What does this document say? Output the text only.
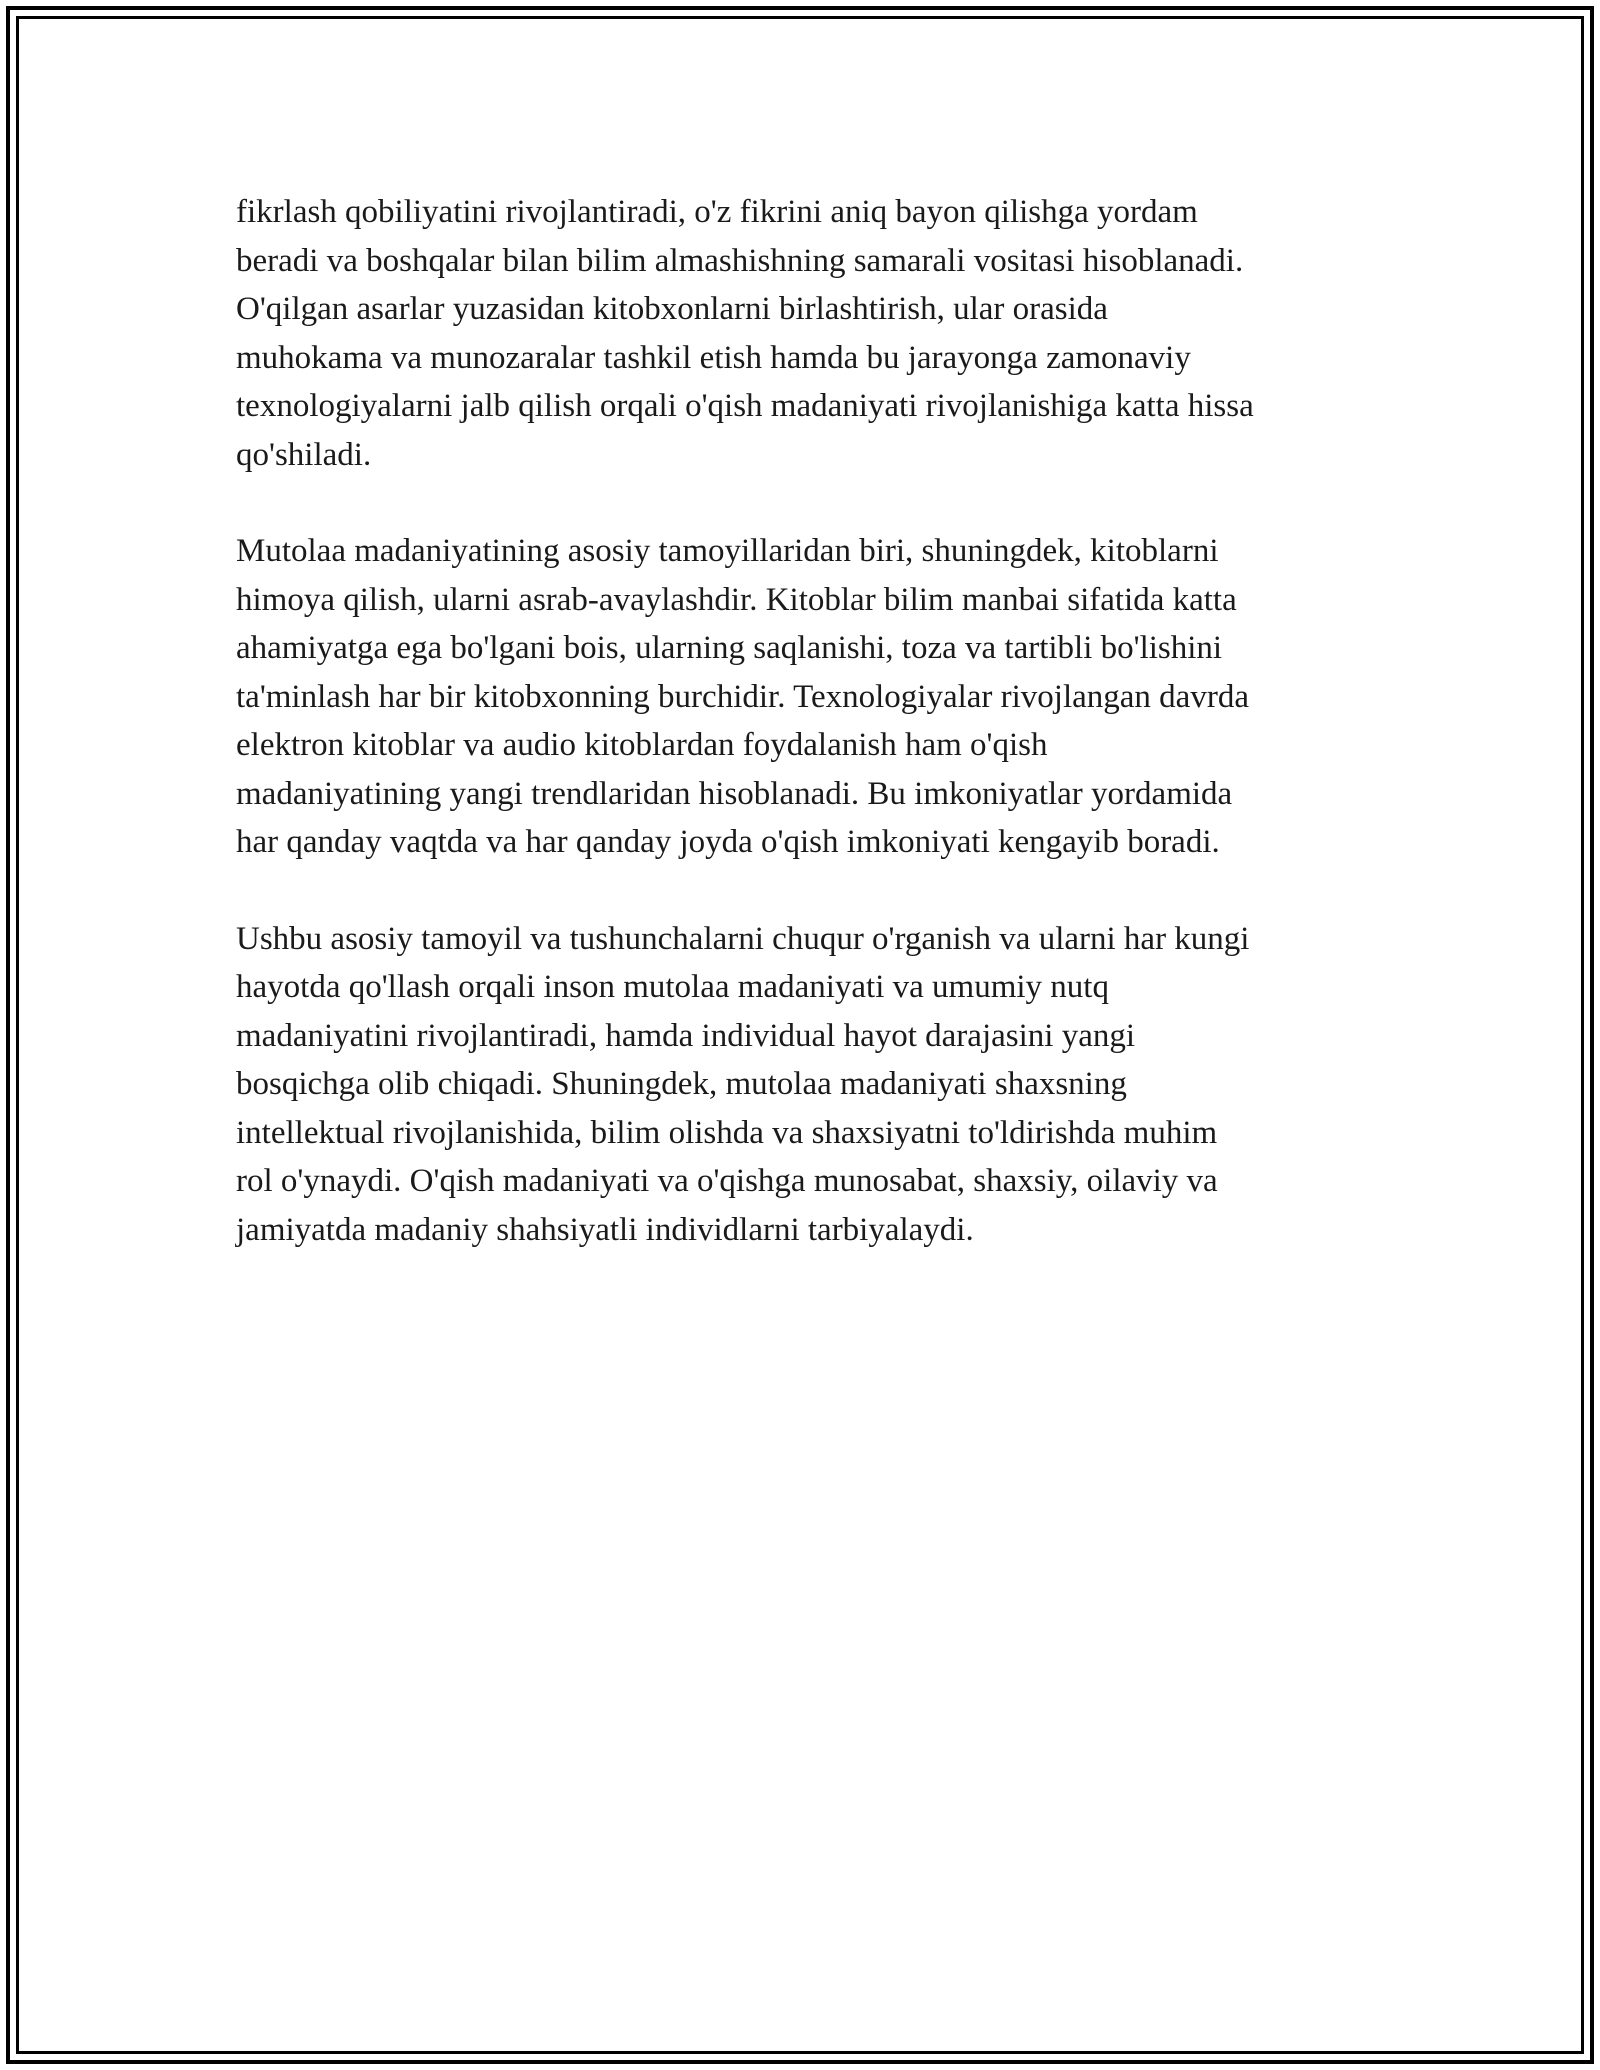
fikrlash qobiliyatini rivojlantiradi, o'z fikrini aniq bayon qilishga yordam
beradi va boshqalar bilan bilim almashishning samarali vositasi hisoblanadi.
O'qilgan asarlar yuzasidan kitobxonlarni birlashtirish, ular orasida
muhokama va munozaralar tashkil etish hamda bu jarayonga zamonaviy
texnologiyalarni jalb qilish orqali o'qish madaniyati rivojlanishiga katta hissa
qo'shiladi.

Mutolaa madaniyatining asosiy tamoyillaridan biri, shuningdek, kitoblarni
himoya qilish, ularni asrab-avaylashdir. Kitoblar bilim manbai sifatida katta
ahamiyatga ega bo'lgani bois, ularning saqlanishi, toza va tartibli bo'lishini
ta'minlash har bir kitobxonning burchidir. Texnologiyalar rivojlangan davrda
elektron kitoblar va audio kitoblardan foydalanish ham o'qish
madaniyatining yangi trendlaridan hisoblanadi. Bu imkoniyatlar yordamida
har qanday vaqtda va har qanday joyda o'qish imkoniyati kengayib boradi.

Ushbu asosiy tamoyil va tushunchalarni chuqur o'rganish va ularni har kungi
hayotda qo'llash orqali inson mutolaa madaniyati va umumiy nutq
madaniyatini rivojlantiradi, hamda individual hayot darajasini yangi
bosqichga olib chiqadi. Shuningdek, mutolaa madaniyati shaxsning
intellektual rivojlanishida, bilim olishda va shaxsiyatni to'ldirishda muhim
rol o'ynaydi. O'qish madaniyati va o'qishga munosabat, shaxsiy, oilaviy va
jamiyatda madaniy shahsiyatli individlarni tarbiyalaydi.
